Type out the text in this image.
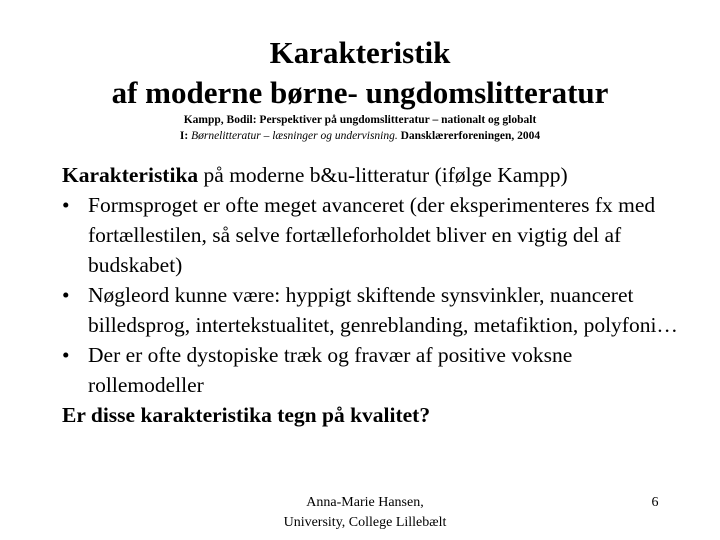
Karakteristik
af moderne børne- ungdomslitteratur
Kampp, Bodil: Perspektiver på ungdomslitteratur – nationalt og globalt
I: Børnelitteratur – læsninger og undervisning. Dansklærerforeningen, 2004

Karakteristika på moderne b&u-litteratur (ifølge Kampp)

• Formsproget er ofte meget avanceret (der eksperimenteres fx med fortællestilen, så selve fortælleforholdet bliver en vigtig del af budskabet)
• Nøgleord kunne være: hyppigt skiftende synsvinkler, nuanceret billedsprog, intertekstualitet, genreblanding, metafiktion, polyfoni…
• Der er ofte dystopiske træk og fravær af positive voksne rollemodeller

Er disse karakteristika tegn på kvalitet?

Anna-Marie Hansen,
University, College Lillebælt
6
